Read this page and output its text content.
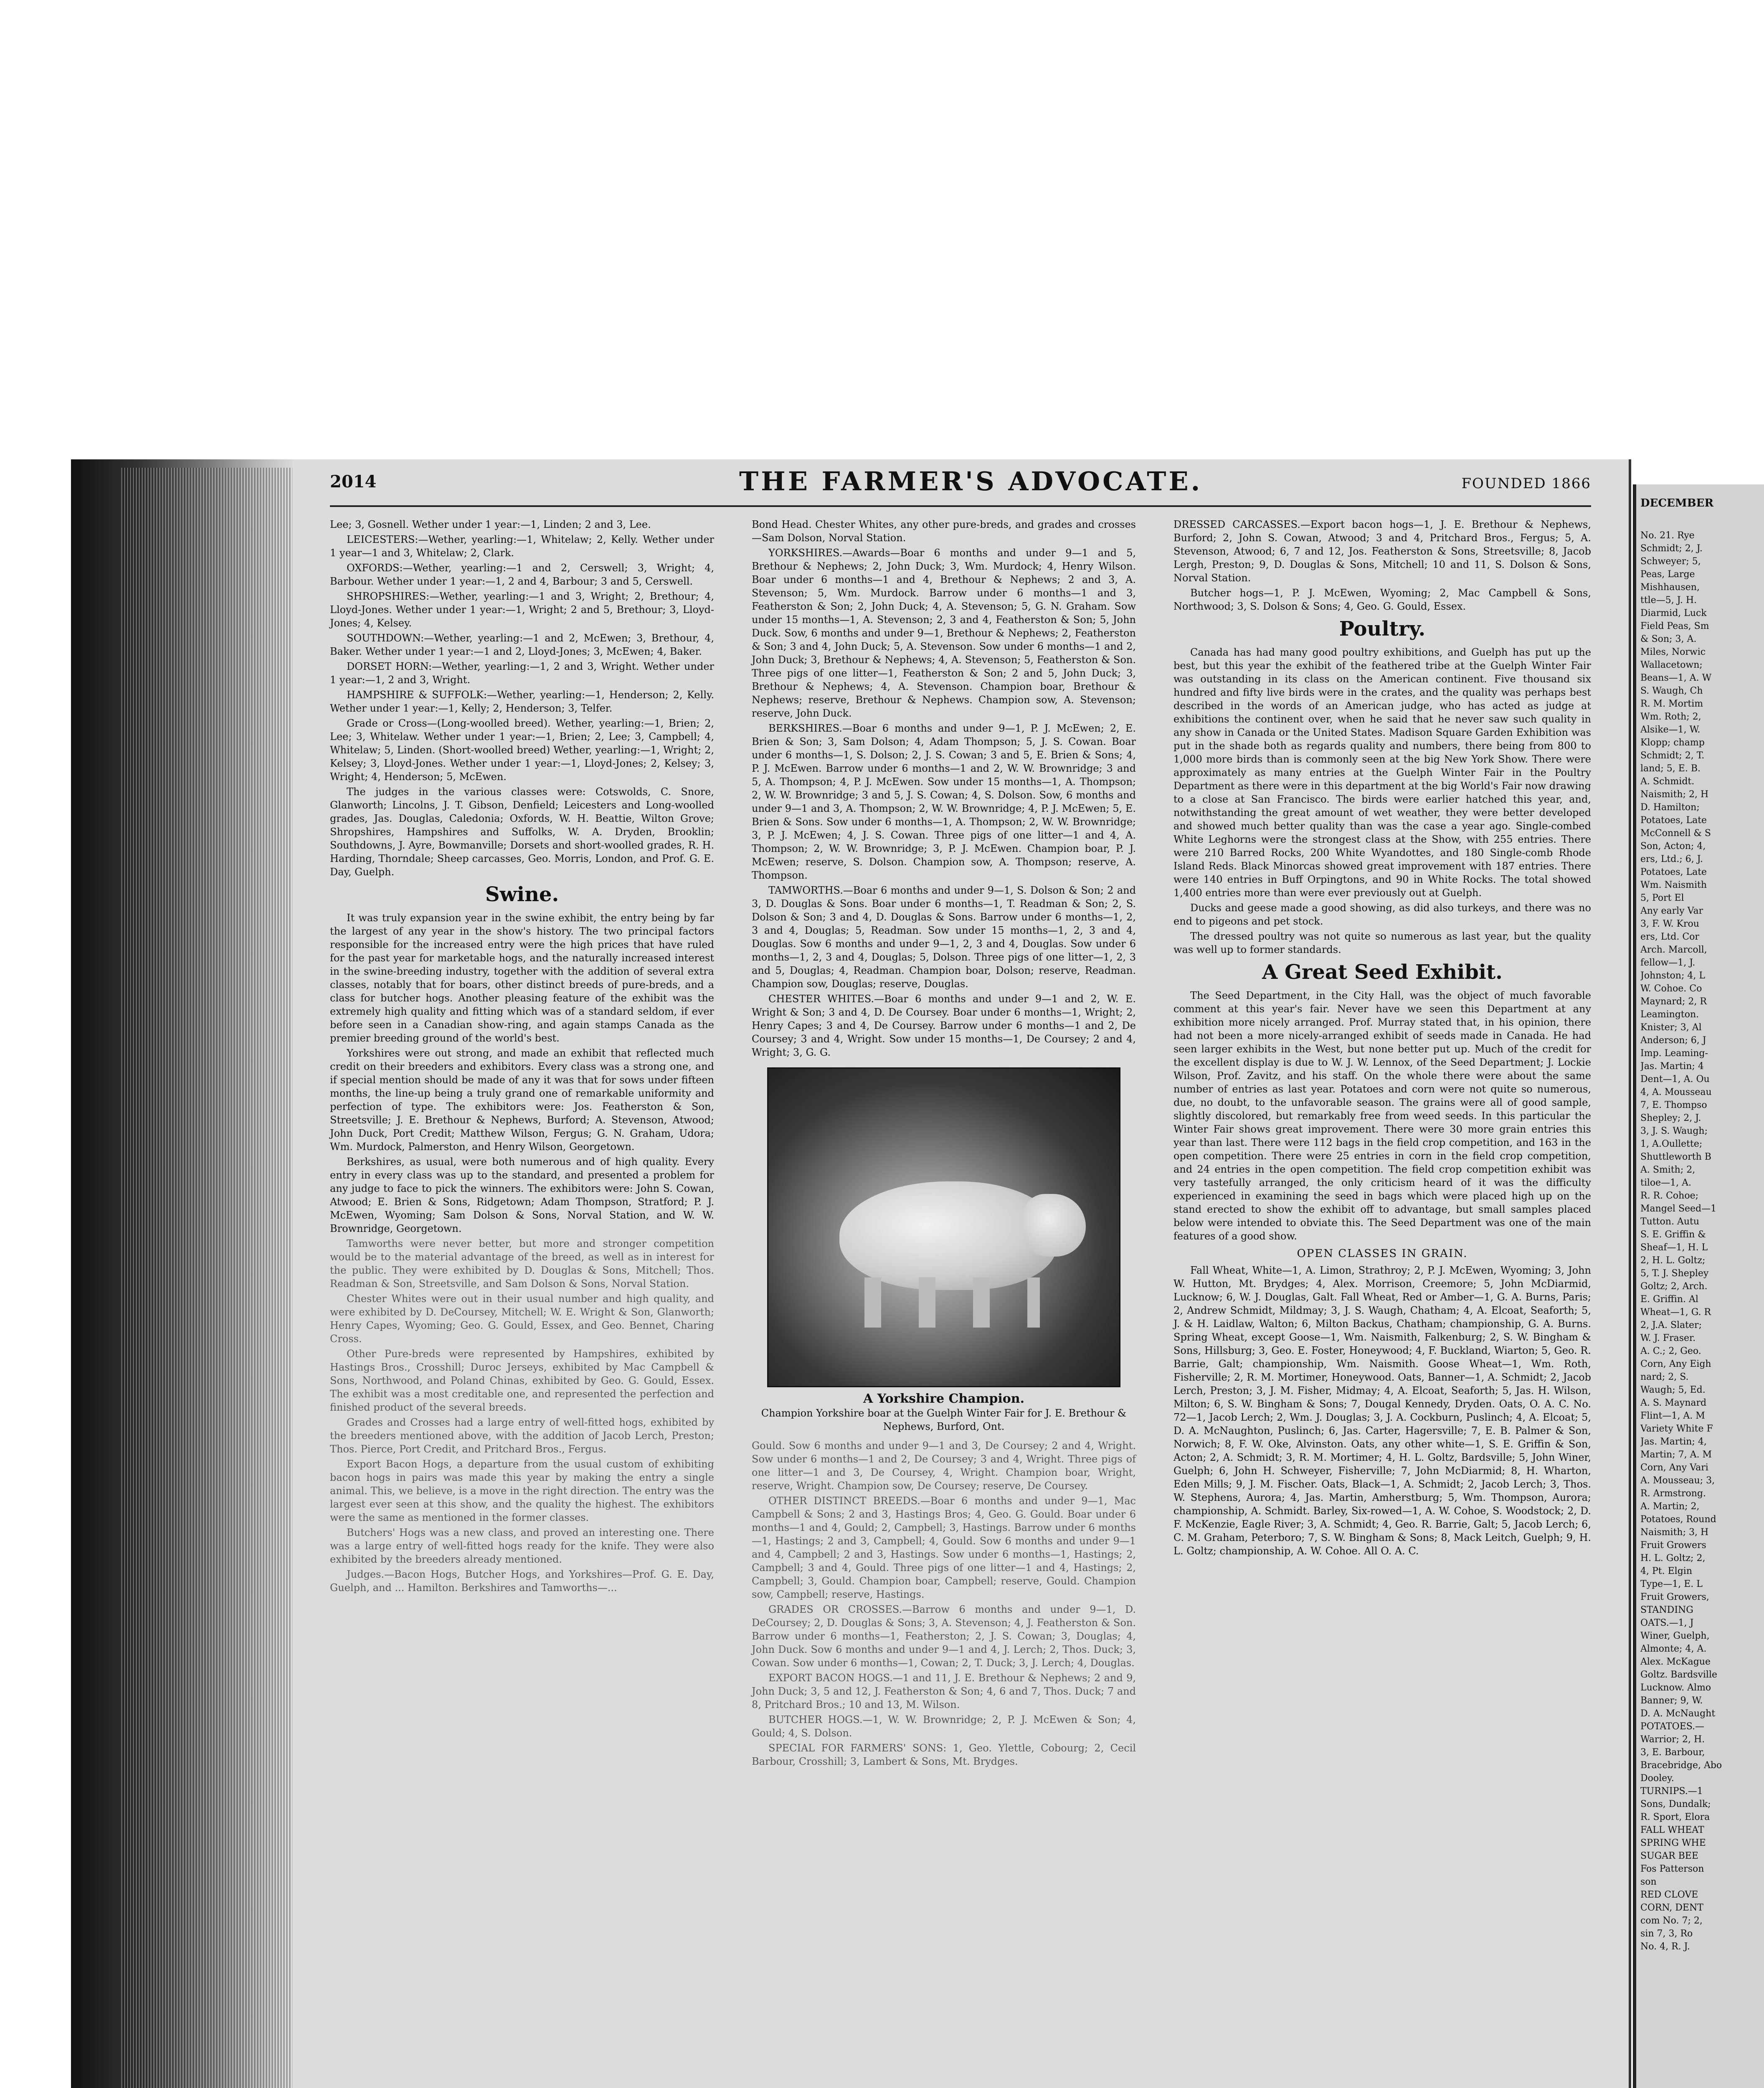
2014	THE FARMER'S ADVOCATE.	FOUNDED 1866

Lee; 3, Gosnell. Wether under 1 year:—1, Linden; 2 and 3, Lee.

LEICESTERS:—Wether, yearling:—1, Whitelaw; 2, Kelly. Wether under 1 year—1 and 3, Whitelaw; 2, Clark.

OXFORDS:—Wether, yearling:—1 and 2, Cerswell; 3, Wright; 4, Barbour. Wether under 1 year:—1, 2 and 4, Barbour; 3 and 5, Cerswell.

SHROPSHIRES:—Wether, yearling:—1 and 3, Wright; 2, Brethour; 4, Lloyd-Jones. Wether under 1 year:—1, Wright; 2 and 5, Brethour; 3, Lloyd-Jones; 4, Kelsey.

SOUTHDOWN:—Wether, yearling:—1 and 2, McEwen; 3, Brethour, 4, Baker. Wether under 1 year:—1 and 2, Lloyd-Jones; 3, McEwen; 4, Baker.

DORSET HORN:—Wether, yearling:—1, 2 and 3, Wright. Wether under 1 year:—1, 2 and 3, Wright.

HAMPSHIRE & SUFFOLK:—Wether, yearling:—1, Henderson; 2, Kelly. Wether under 1 year:—1, Kelly; 2, Henderson; 3, Telfer.

Grade or Cross—(Long-woolled breed). Wether, yearling:—1, Brien; 2, Lee; 3, Whitelaw. Wether under 1 year:—1, Brien; 2, Lee; 3, Campbell; 4, Whitelaw; 5, Linden. (Short-woolled breed) Wether, yearling:—1, Wright; 2, Kelsey; 3, Lloyd-Jones. Wether under 1 year:—1, Lloyd-Jones; 2, Kelsey; 3, Wright; 4, Henderson; 5, McEwen.

The judges in the various classes were: Cotswolds, C. Snore, Glanworth; Lincolns, J. T. Gibson, Denfield; Leicesters and Long-woolled grades, Jas. Douglas, Caledonia; Oxfords, W. H. Beattie, Wilton Grove; Shropshires, Hampshires and Suffolks, W. A. Dryden, Brooklin; Southdowns, J. Ayre, Bowmanville; Dorsets and short-woolled grades, R. H. Harding, Thorndale; Sheep carcasses, Geo. Morris, London, and Prof. G. E. Day, Guelph.

Swine.

It was truly expansion year in the swine exhibit, the entry being by far the largest of any year in the show's history. The two principal factors responsible for the increased entry were the high prices that have ruled for the past year for marketable hogs, and the naturally increased interest in the swine-breeding industry, together with the addition of several extra classes, notably that for boars, other distinct breeds of pure-breds, and a class for butcher hogs. Another pleasing feature of the exhibit was the extremely high quality and fitting which was of a standard seldom, if ever before seen in a Canadian show-ring, and again stamps Canada as the premier breeding ground of the world's best.

Yorkshires were out strong, and made an exhibit that reflected much credit on their breeders and exhibitors. Every class was a strong one, and if special mention should be made of any it was that for sows under fifteen months, the line-up being a truly grand one of remarkable uniformity and perfection of type. The exhibitors were: Jos. Featherston & Son, Streetsville; J. E. Brethour & Nephews, Burford; A. Stevenson, Atwood; John Duck, Port Credit; Matthew Wilson, Fergus; G. N. Graham, Udora; Wm. Murdock, Palmerston, and Henry Wilson, Georgetown.

Berkshires, as usual, were both numerous and of high quality. Every entry in every class was up to the standard, and presented a problem for any judge to face to pick the winners. The exhibitors were: John S. Cowan, Atwood; E. Brien & Sons, Ridgetown; Adam Thompson, Stratford; P. J. McEwen, Wyoming; Sam Dolson & Sons, Norval Station, and W. W. Brownridge, Georgetown.

Tamworths were never better, but more and stronger competition would be to the material advantage of the breed, as well as in interest for the public. They were exhibited by D. Douglas & Sons, Mitchell; Thos. Readman & Son, Streetsville, and Sam Dolson & Sons, Norval Station.

Chester Whites were out in their usual number and high quality, and were exhibited by D. DeCoursey, Mitchell; W. E. Wright & Son, Glanworth; Henry Capes, Wyoming; Geo. G. Gould, Essex, and Geo. Bennet, Charing Cross.

Other Pure-breds were represented by Hampshires, exhibited by Hastings Bros., Crosshill; Duroc Jerseys, exhibited by Mac Campbell & Sons, Northwood, and Poland Chinas, exhibited by Geo. G. Gould, Essex. The exhibit was a most creditable one, and represented the perfection and finished product of the several breeds.

Grades and Crosses had a large entry of well-fitted hogs, exhibited by the breeders mentioned above, with the addition of Jacob Lerch, Preston; Thos. Pierce, Port Credit, and Pritchard Bros., Fergus.

Export Bacon Hogs, a departure from the usual custom of exhibiting bacon hogs in pairs was made this year by making the entry a single animal. This, we believe, is a move in the right direction. The entry was the largest ever seen at this show, and the quality the highest. The exhibitors were the same as mentioned in the former classes.

Butchers' Hogs was a new class, and proved an interesting one. There was a large entry of well-fitted hogs ready for the knife. They were also exhibited by the breeders already mentioned.

Judges.—Bacon Hogs, Butcher Hogs, and Yorkshires—Prof. G. E. Day, Guelph, and ... Hamilton. Berkshires and Tamworths—...

Bond Head. Chester Whites, any other pure-breds, and grades and crosses—Sam Dolson, Norval Station.

YORKSHIRES.—Awards—Boar 6 months and under 9—1 and 5, Brethour & Nephews; 2, John Duck; 3, Wm. Murdock; 4, Henry Wilson. Boar under 6 months—1 and 4, Brethour & Nephews; 2 and 3, A. Stevenson; 5, Wm. Murdock. Barrow under 6 months—1 and 3, Featherston & Son; 2, John Duck; 4, A. Stevenson; 5, G. N. Graham. Sow under 15 months—1, A. Stevenson; 2, 3 and 4, Featherston & Son; 5, John Duck. Sow, 6 months and under 9—1, Brethour & Nephews; 2, Featherston & Son; 3 and 4, John Duck; 5, A. Stevenson. Sow under 6 months—1 and 2, John Duck; 3, Brethour & Nephews; 4, A. Stevenson; 5, Featherston & Son. Three pigs of one litter—1, Featherston & Son; 2 and 5, John Duck; 3, Brethour & Nephews; 4, A. Stevenson. Champion boar, Brethour & Nephews; reserve, Brethour & Nephews. Champion sow, A. Stevenson; reserve, John Duck.

BERKSHIRES.—Boar 6 months and under 9—1, P. J. McEwen; 2, E. Brien & Son; 3, Sam Dolson; 4, Adam Thompson; 5, J. S. Cowan. Boar under 6 months—1, S. Dolson; 2, J. S. Cowan; 3 and 5, E. Brien & Sons; 4, P. J. McEwen. Barrow under 6 months—1 and 2, W. W. Brownridge; 3 and 5, A. Thompson; 4, P. J. McEwen. Sow under 15 months—1, A. Thompson; 2, W. W. Brownridge; 3 and 5, J. S. Cowan; 4, S. Dolson. Sow, 6 months and under 9—1 and 3, A. Thompson; 2, W. W. Brownridge; 4, P. J. McEwen; 5, E. Brien & Sons. Sow under 6 months—1, A. Thompson; 2, W. W. Brownridge; 3, P. J. McEwen; 4, J. S. Cowan. Three pigs of one litter—1 and 4, A. Thompson; 2, W. W. Brownridge; 3, P. J. McEwen. Champion boar, P. J. McEwen; reserve, S. Dolson. Champion sow, A. Thompson; reserve, A. Thompson.

TAMWORTHS.—Boar 6 months and under 9—1, S. Dolson & Son; 2 and 3, D. Douglas & Sons. Boar under 6 months—1, T. Readman & Son; 2, S. Dolson & Son; 3 and 4, D. Douglas & Sons. Barrow under 6 months—1, 2, 3 and 4, Douglas; 5, Readman. Sow under 15 months—1, 2, 3 and 4, Douglas. Sow 6 months and under 9—1, 2, 3 and 4, Douglas. Sow under 6 months—1, 2, 3 and 4, Douglas; 5, Dolson. Three pigs of one litter—1, 2, 3 and 5, Douglas; 4, Readman. Champion boar, Dolson; reserve, Readman. Champion sow, Douglas; reserve, Douglas.

CHESTER WHITES.—Boar 6 months and under 9—1 and 2, W. E. Wright & Son; 3 and 4, D. De Coursey. Boar under 6 months—1, Wright; 2, Henry Capes; 3 and 4, De Coursey. Barrow under 6 months—1 and 2, De Coursey; 3 and 4, Wright. Sow under 15 months—1, De Coursey; 2 and 4, Wright; 3, G. G.

A Yorkshire Champion.
Champion Yorkshire boar at the Guelph Winter Fair for J. E. Brethour & Nephews, Burford, Ont.

Gould. Sow 6 months and under 9—1 and 3, De Coursey; 2 and 4, Wright. Sow under 6 months—1 and 2, De Coursey; 3 and 4, Wright. Three pigs of one litter—1 and 3, De Coursey, 4, Wright. Champion boar, Wright, reserve, Wright. Champion sow, De Coursey; reserve, De Coursey.

OTHER DISTINCT BREEDS.—Boar 6 months and under 9—1, Mac Campbell & Sons; 2 and 3, Hastings Bros; 4, Geo. G. Gould. Boar under 6 months—1 and 4, Gould; 2, Campbell; 3, Hastings. Barrow under 6 months—1, Hastings; 2 and 3, Campbell; 4, Gould. Sow 6 months and under 9—1 and 4, Campbell; 2 and 3, Hastings. Sow under 6 months—1, Hastings; 2, Campbell; 3 and 4, Gould. Three pigs of one litter—1 and 4, Hastings; 2, Campbell; 3, Gould. Champion boar, Campbell; reserve, Gould. Champion sow, Campbell; reserve, Hastings.

GRADES OR CROSSES.—Barrow 6 months and under 9—1, D. DeCoursey; 2, D. Douglas & Sons; 3, A. Stevenson; 4, J. Featherston & Son. Barrow under 6 months—1, Featherston; 2, J. S. Cowan; 3, Douglas; 4, John Duck. Sow 6 months and under 9—1 and 4, J. Lerch; 2, Thos. Duck; 3, Cowan. Sow under 6 months—1, Cowan; 2, T. Duck; 3, J. Lerch; 4, Douglas.

EXPORT BACON HOGS.—1 and 11, J. E. Brethour & Nephews; 2 and 9, John Duck; 3, 5 and 12, J. Featherston & Son; 4, 6 and 7, Thos. Duck; 7 and 8, Pritchard Bros.; 10 and 13, M. Wilson.

BUTCHER HOGS.—1, W. W. Brownridge; 2, P. J. McEwen & Son; 4, Gould; 4, S. Dolson.

SPECIAL FOR FARMERS' SONS: 1, Geo. Ylettle, Cobourg; 2, Cecil Barbour, Crosshill; 3, Lambert & Sons, Mt. Brydges.

DRESSED CARCASSES.—Export bacon hogs—1, J. E. Brethour & Nephews, Burford; 2, John S. Cowan, Atwood; 3 and 4, Pritchard Bros., Fergus; 5, A. Stevenson, Atwood; 6, 7 and 12, Jos. Featherston & Sons, Streetsville; 8, Jacob Lergh, Preston; 9, D. Douglas & Sons, Mitchell; 10 and 11, S. Dolson & Sons, Norval Station.

Butcher hogs—1, P. J. McEwen, Wyoming; 2, Mac Campbell & Sons, Northwood; 3, S. Dolson & Sons; 4, Geo. G. Gould, Essex.

Poultry.

Canada has had many good poultry exhibitions, and Guelph has put up the best, but this year the exhibit of the feathered tribe at the Guelph Winter Fair was outstanding in its class on the American continent. Five thousand six hundred and fifty live birds were in the crates, and the quality was perhaps best described in the words of an American judge, who has acted as judge at exhibitions the continent over, when he said that he never saw such quality in any show in Canada or the United States. Madison Square Garden Exhibition was put in the shade both as regards quality and numbers, there being from 800 to 1,000 more birds than is commonly seen at the big New York Show. There were approximately as many entries at the Guelph Winter Fair in the Poultry Department as there were in this department at the big World's Fair now drawing to a close at San Francisco. The birds were earlier hatched this year, and, notwithstanding the great amount of wet weather, they were better developed and showed much better quality than was the case a year ago. Single-combed White Leghorns were the strongest class at the Show, with 255 entries. There were 210 Barred Rocks, 200 White Wyandottes, and 180 Single-comb Rhode Island Reds. Black Minorcas showed great improvement with 187 entries. There were 140 entries in Buff Orpingtons, and 90 in White Rocks. The total showed 1,400 entries more than were ever previously out at Guelph.

Ducks and geese made a good showing, as did also turkeys, and there was no end to pigeons and pet stock.

The dressed poultry was not quite so numerous as last year, but the quality was well up to former standards.

A Great Seed Exhibit.

The Seed Department, in the City Hall, was the object of much favorable comment at this year's fair. Never have we seen this Department at any exhibition more nicely arranged. Prof. Murray stated that, in his opinion, there had not been a more nicely-arranged exhibit of seeds made in Canada. He had seen larger exhibits in the West, but none better put up. Much of the credit for the excellent display is due to W. J. W. Lennox, of the Seed Department; J. Lockie Wilson, Prof. Zavitz, and his staff. On the whole there were about the same number of entries as last year. Potatoes and corn were not quite so numerous, due, no doubt, to the unfavorable season. The grains were all of good sample, slightly discolored, but remarkably free from weed seeds. In this particular the Winter Fair shows great improvement. There were 30 more grain entries this year than last. There were 112 bags in the field crop competition, and 163 in the open competition. There were 25 entries in corn in the field crop competition, and 24 entries in the open competition. The field crop competition exhibit was very tastefully arranged, the only criticism heard of it was the difficulty experienced in examining the seed in bags which were placed high up on the stand erected to show the exhibit off to advantage, but small samples placed below were intended to obviate this. The Seed Department was one of the main features of a good show.

OPEN CLASSES IN GRAIN.

Fall Wheat, White—1, A. Limon, Strathroy; 2, P. J. McEwen, Wyoming; 3, John W. Hutton, Mt. Brydges; 4, Alex. Morrison, Creemore; 5, John McDiarmid, Lucknow; 6, W. J. Douglas, Galt. Fall Wheat, Red or Amber—1, G. A. Burns, Paris; 2, Andrew Schmidt, Mildmay; 3, J. S. Waugh, Chatham; 4, A. Elcoat, Seaforth; 5, J. & H. Laidlaw, Walton; 6, Milton Backus, Chatham; championship, G. A. Burns. Spring Wheat, except Goose—1, Wm. Naismith, Falkenburg; 2, S. W. Bingham & Sons, Hillsburg; 3, Geo. E. Foster, Honeywood; 4, F. Buckland, Wiarton; 5, Geo. R. Barrie, Galt; championship, Wm. Naismith. Goose Wheat—1, Wm. Roth, Fisherville; 2, R. M. Mortimer, Honeywood. Oats, Banner—1, A. Schmidt; 2, Jacob Lerch, Preston; 3, J. M. Fisher, Midmay; 4, A. Elcoat, Seaforth; 5, Jas. H. Wilson, Milton; 6, S. W. Bingham & Sons; 7, Dougal Kennedy, Dryden. Oats, O. A. C. No. 72—1, Jacob Lerch; 2, Wm. J. Douglas; 3, J. A. Cockburn, Puslinch; 4, A. Elcoat; 5, D. A. McNaughton, Puslinch; 6, Jas. Carter, Hagersville; 7, E. B. Palmer & Son, Norwich; 8, F. W. Oke, Alvinston. Oats, any other white—1, S. E. Griffin & Son, Acton; 2, A. Schmidt; 3, R. M. Mortimer; 4, H. L. Goltz, Bardsville; 5, John Winer, Guelph; 6, John H. Schweyer, Fisherville; 7, John McDiarmid; 8, H. Wharton, Eden Mills; 9, J. M. Fischer. Oats, Black—1, A. Schmidt; 2, Jacob Lerch; 3, Thos. W. Stephens, Aurora; 4, Jas. Martin, Amherstburg; 5, Wm. Thompson, Aurora; championship, A. Schmidt. Barley, Six-rowed—1, A. W. Cohoe, S. Woodstock; 2, D. F. McKenzie, Eagle River; 3, A. Schmidt; 4, Geo. R. Barrie, Galt; 5, Jacob Lerch; 6, C. M. Graham, Peterboro; 7, S. W. Bingham & Sons; 8, Mack Leitch, Guelph; 9, H. L. Goltz; championship, A. W. Cohoe. All O. A. C.

DECEMBER
No. 21. Rye
Schmidt; 2, J.
Schweyer; 5,
Peas, Large
Mishhausen,
ttle—5, J. H.
Diarmid, Luck
Field Peas, Sm
& Son; 3, A.
Miles, Norwic
Wallacetown;
Beans—1, A. W
S. Waugh, Ch
R. M. Mortim
Wm. Roth; 2,
Alsike—1, W.
Klopp; champ
Schmidt; 2, T.
land; 5, E. B.
A. Schmidt.
Naismith; 2, H
D. Hamilton;
Potatoes, Late
McConnell & S
Son, Acton; 4,
ers, Ltd.; 6, J.
Potatoes, Late
Wm. Naismith
5, Port El
Any early Var
3, F. W. Krou
ers, Ltd. Cor
Arch. Marcoll,
fellow—1, J.
Johnston; 4, L
W. Cohoe. Co
Maynard; 2, R
Leamington.
Knister; 3, Al
Anderson; 6, J
Imp. Leaming-
Jas. Martin; 4
Dent—1, A. Ou
4, A. Mousseau
7, E. Thompso
Shepley; 2, J.
3, J. S. Waugh;
1, A.Oullette;
Shuttleworth B
A. Smith; 2,
tiloe—1, A.
R. R. Cohoe;
Mangel Seed—1
Tutton. Autu
S. E. Griffin &
Sheaf—1, H. L
2, H. L. Goltz;
5, T. J. Shepley
Goltz; 2, Arch.
E. Griffin. Al
Wheat—1, G. R
2, J.A. Slater;
W. J. Fraser.
A. C.; 2, Geo.
Corn, Any Eigh
nard; 2, S.
Waugh; 5, Ed.
A. S. Maynard
Flint—1, A. M
Variety White F
Jas. Martin; 4,
Martin; 7, A. M
Corn, Any Vari
A. Mousseau; 3,
R. Armstrong.
A. Martin; 2,
Potatoes, Round
Naismith; 3, H
Fruit Growers
H. L. Goltz; 2,
4, Pt. Elgin
Type—1, E. L
Fruit Growers,
STANDING
OATS.—1, J
Winer, Guelph,
Almonte; 4, A.
Alex. McKague
Goltz. Bardsville
Lucknow. Almo
Banner; 9, W.
D. A. McNaught
POTATOES.—
Warrior; 2, H.
3, E. Barbour,
Bracebridge, Abo
Dooley.
TURNIPS.—1
Sons, Dundalk;
R. Sport, Elora
FALL WHEAT
SPRING WHE
SUGAR BEE
Fos Patterson
son
RED CLOVE
CORN, DENT
com No. 7; 2,
sin 7, 3, Ro
No. 4, R. J.
